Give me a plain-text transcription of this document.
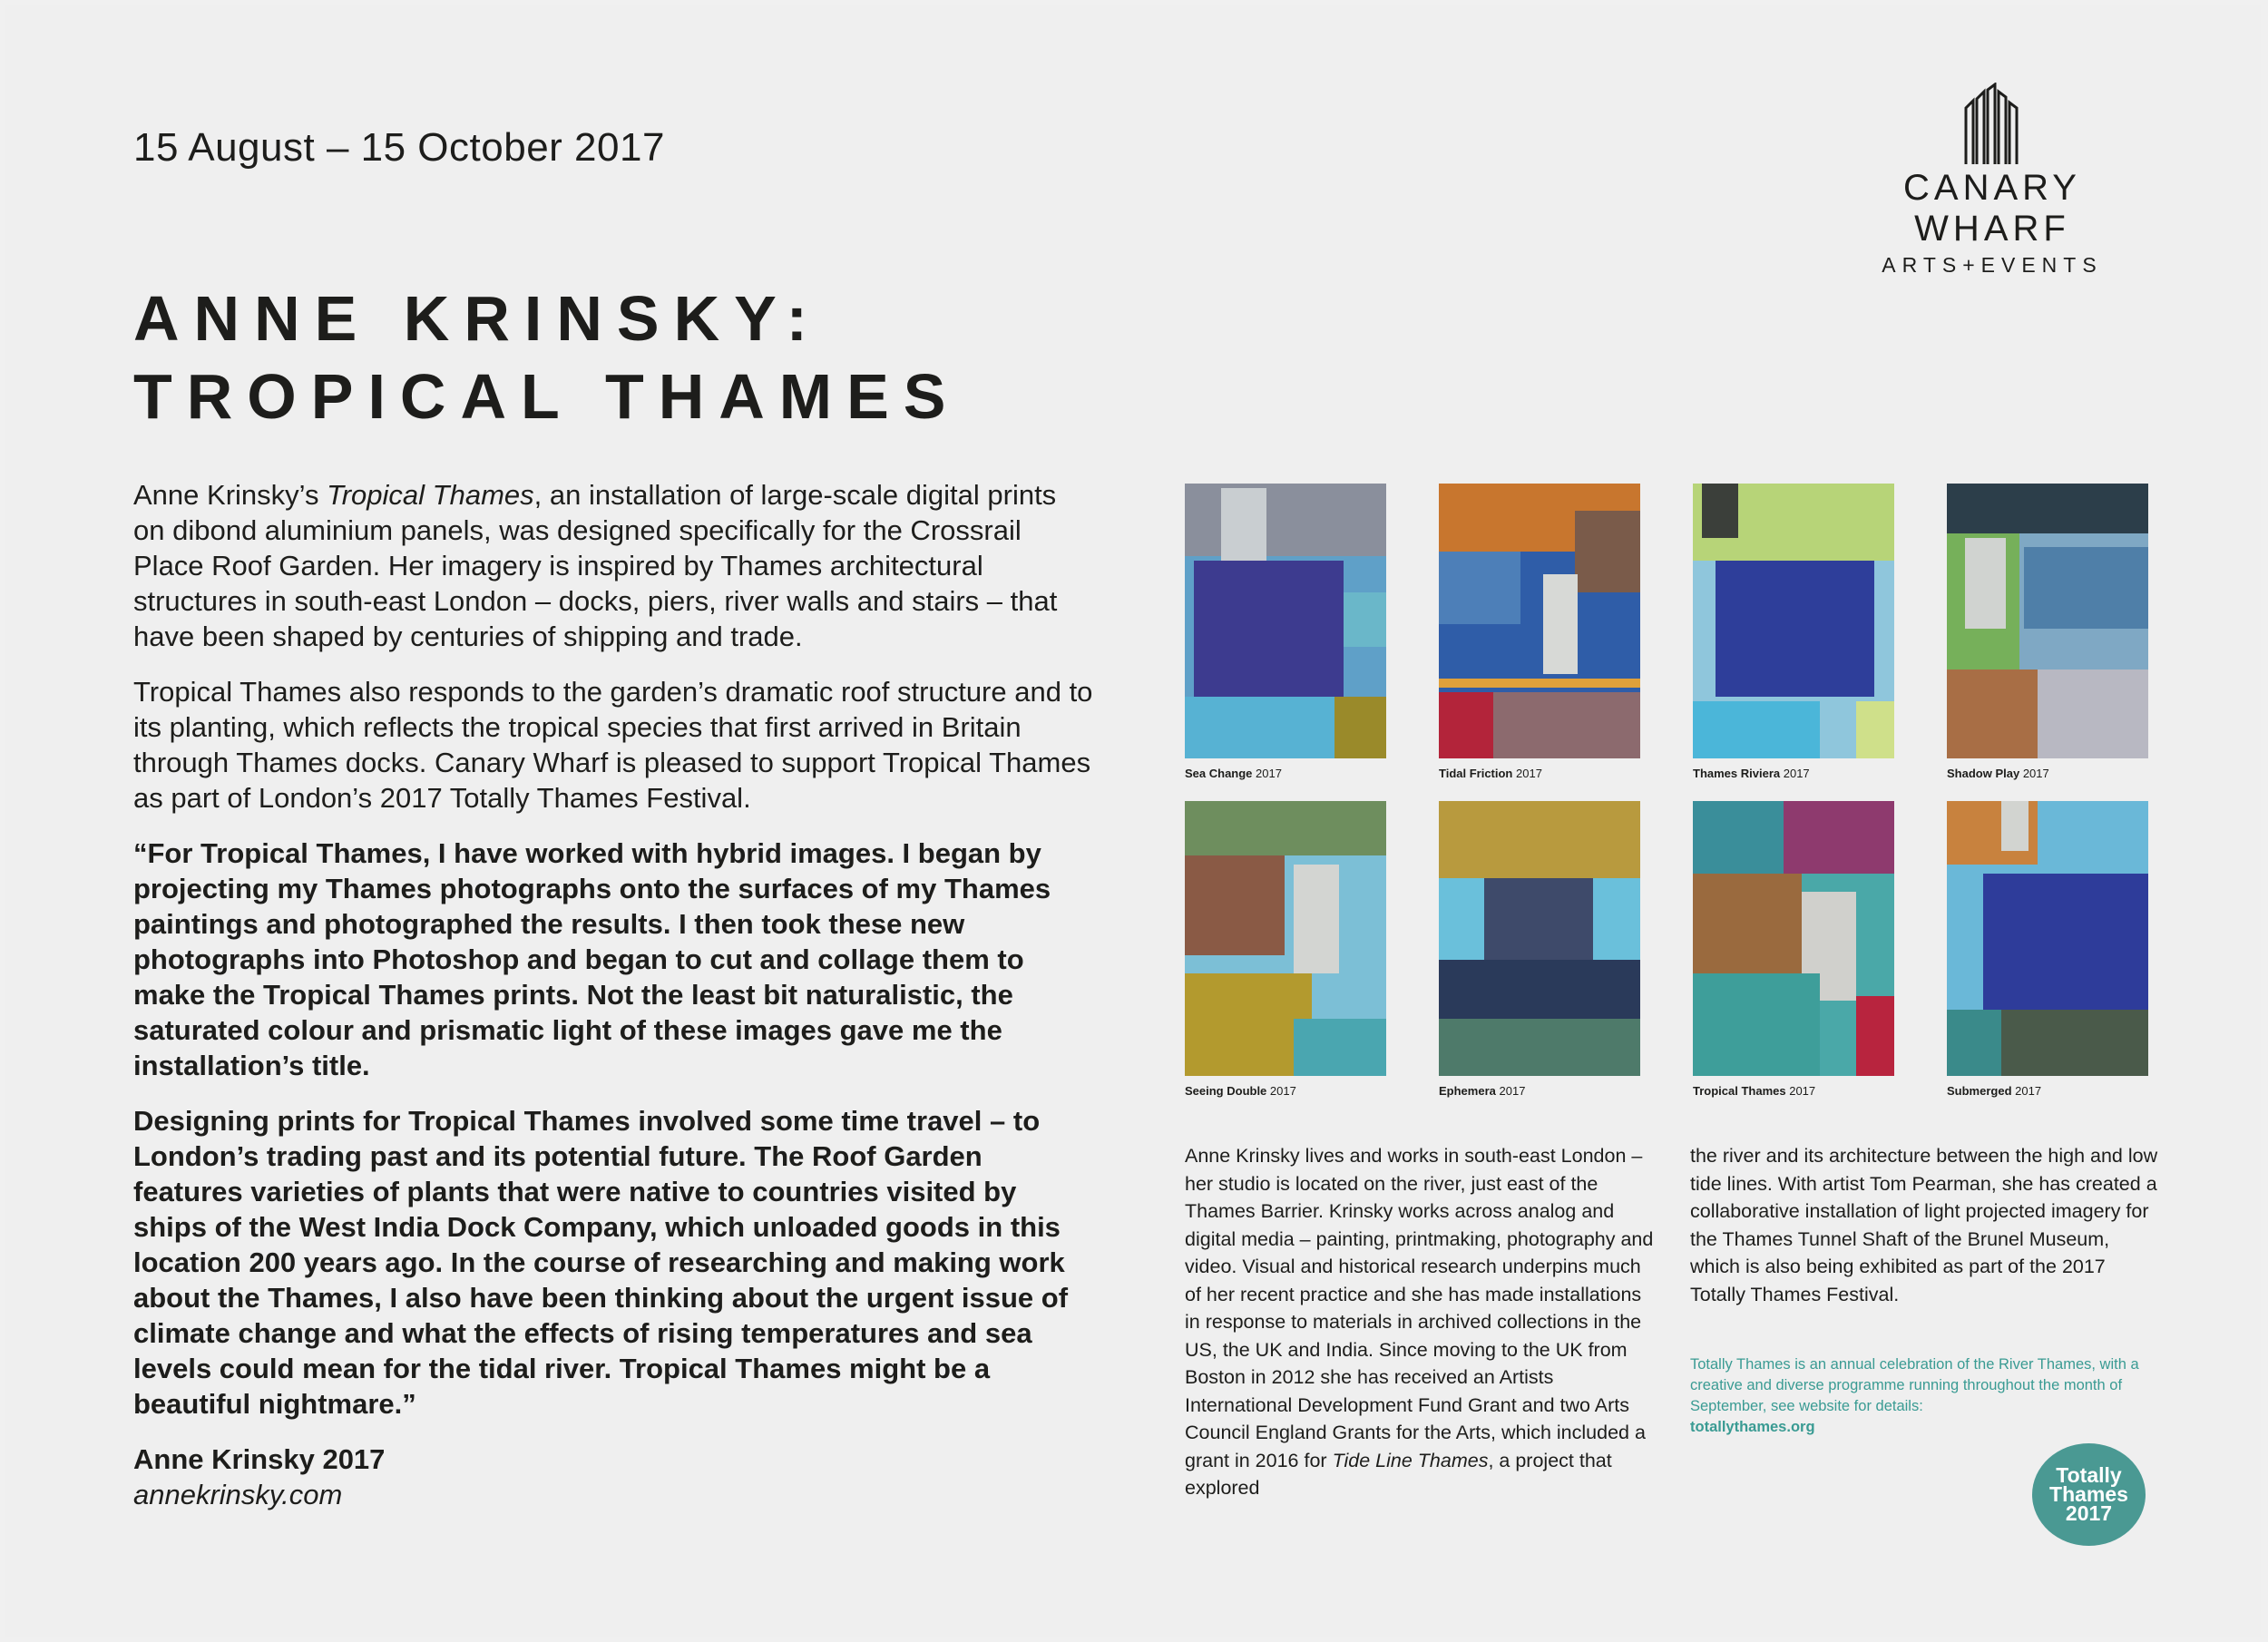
15 August – 15 October 2017
CANARY WHARF
ARTS+EVENTS
ANNE KRINSKY:
TROPICAL THAMES

Anne Krinsky’s Tropical Thames, an installation of large-scale digital prints on dibond aluminium panels, was designed specifically for the Crossrail Place Roof Garden. Her imagery is inspired by Thames architectural structures in south-east London – docks, piers, river walls and stairs – that have been shaped by centuries of shipping and trade.

Tropical Thames also responds to the garden’s dramatic roof structure and to its planting, which reflects the tropical species that first arrived in Britain through Thames docks. Canary Wharf is pleased to support Tropical Thames as part of London’s 2017 Totally Thames Festival.

“For Tropical Thames, I have worked with hybrid images. I began by projecting my Thames photographs onto the surfaces of my Thames paintings and photographed the results. I then took these new photographs into Photoshop and began to cut and collage them to make the Tropical Thames prints. Not the least bit naturalistic, the saturated colour and prismatic light of these images gave me the installation’s title.

Designing prints for Tropical Thames involved some time travel – to London’s trading past and its potential future. The Roof Garden features varieties of plants that were native to countries visited by ships of the West India Dock Company, which unloaded goods in this location 200 years ago. In the course of researching and making work about the Thames, I also have been thinking about the urgent issue of climate change and what the effects of rising temperatures and sea levels could mean for the tidal river. Tropical Thames might be a beautiful nightmare.”

Anne Krinsky 2017
annekrinsky.com
Sea Change 2017	Tidal Friction 2017	Thames Riviera 2017	Shadow Play 2017
Seeing Double 2017	Ephemera 2017	Tropical Thames 2017	Submerged 2017

Anne Krinsky lives and works in south-east London – her studio is located on the river, just east of the Thames Barrier. Krinsky works across analog and digital media – painting, printmaking, photography and video. Visual and historical research underpins much of her recent practice and she has made installations in response to materials in archived collections in the US, the UK and India. Since moving to the UK from Boston in 2012 she has received an Artists International Development Fund Grant and two Arts Council England Grants for the Arts, which included a grant in 2016 for Tide Line Thames, a project that explored

the river and its architecture between the high and low tide lines. With artist Tom Pearman, she has created a collaborative installation of light projected imagery for the Thames Tunnel Shaft of the Brunel Museum, which is also being exhibited as part of the 2017 Totally Thames Festival.

Totally Thames is an annual celebration of the River Thames, with a creative and diverse programme running throughout the month of September, see website for details:
totallythames.org
Totally
Thames
2017
